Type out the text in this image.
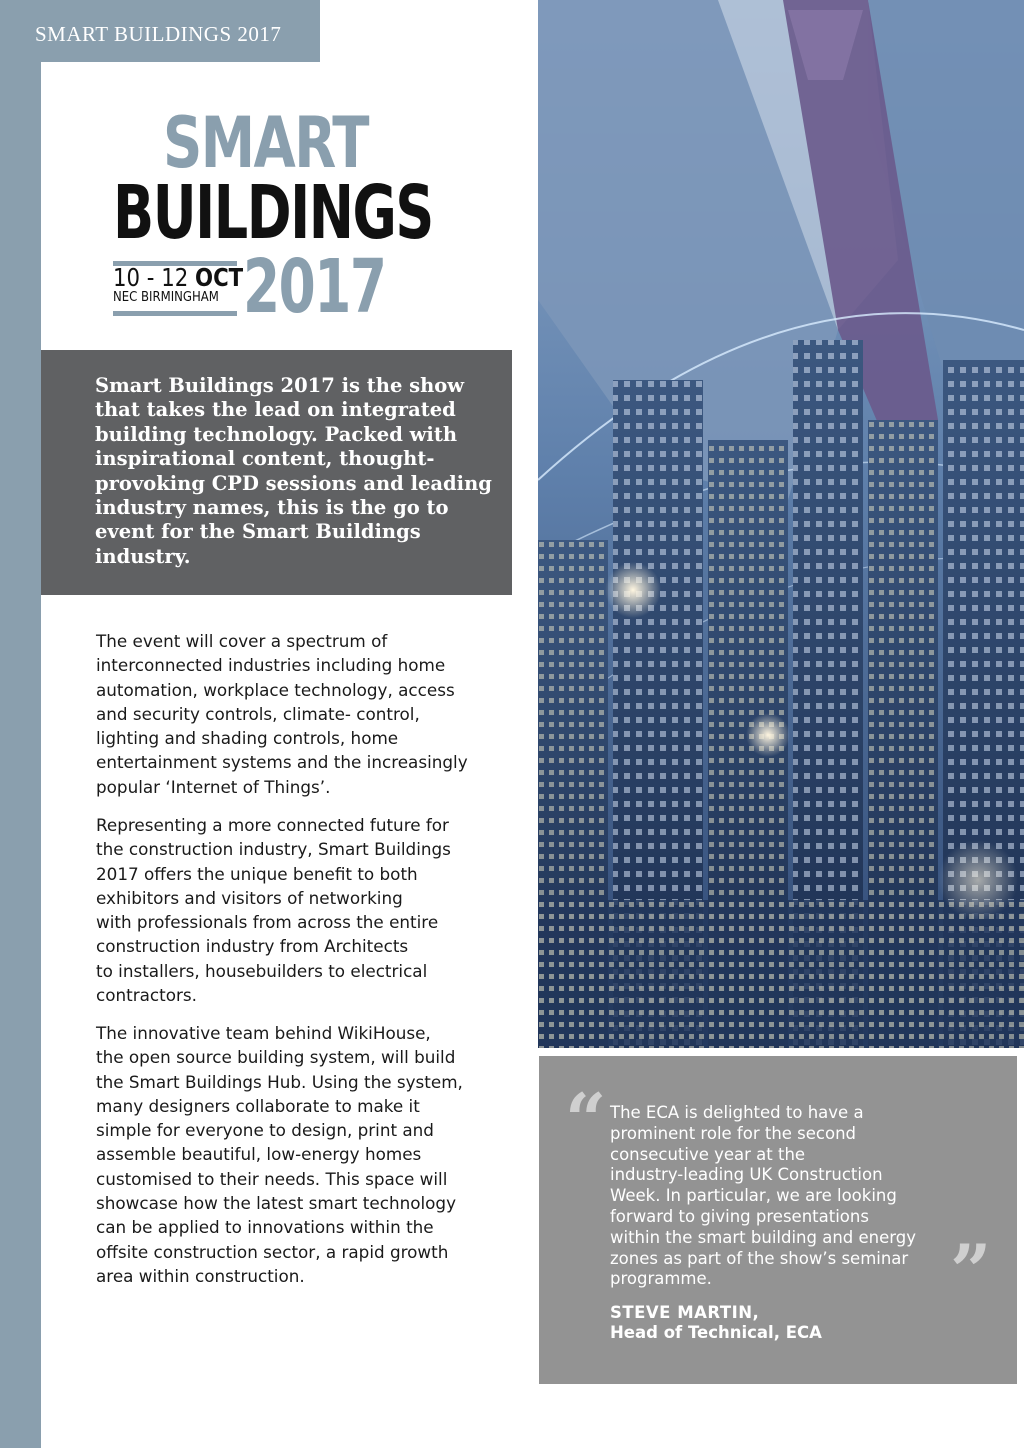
SMART BUILDINGS 2017
SMART
BUILDINGS
10 - 12 OCT
NEC BIRMINGHAM 2017
Smart Buildings 2017 is the show that takes the lead on integrated building technology. Packed with inspirational content, thought-provoking CPD sessions and leading industry names, this is the go to event for the Smart Buildings industry.
The event will cover a spectrum of
interconnected industries including home
automation, workplace technology, access
and security controls, climate- control,
lighting and shading controls, home
entertainment systems and the increasingly
popular ‘Internet of Things’.
Representing a more connected future for
the construction industry, Smart Buildings
2017 offers the unique benefit to both
exhibitors and visitors of networking
with professionals from across the entire
construction industry from Architects
to installers, housebuilders to electrical
contractors.
The innovative team behind WikiHouse,
the open source building system, will build
the Smart Buildings Hub. Using the system,
many designers collaborate to make it
simple for everyone to design, print and
assemble beautiful, low-energy homes
customised to their needs. This space will
showcase how the latest smart technology
can be applied to innovations within the
offsite construction sector, a rapid growth
area within construction.
“ The ECA is delighted to have a
prominent role for the second
consecutive year at the
industry-leading UK Construction
Week. In particular, we are looking
forward to giving presentations
within the smart building and energy
zones as part of the show’s seminar
programme.	”
STEVE MARTIN,
Head of Technical, ECA
